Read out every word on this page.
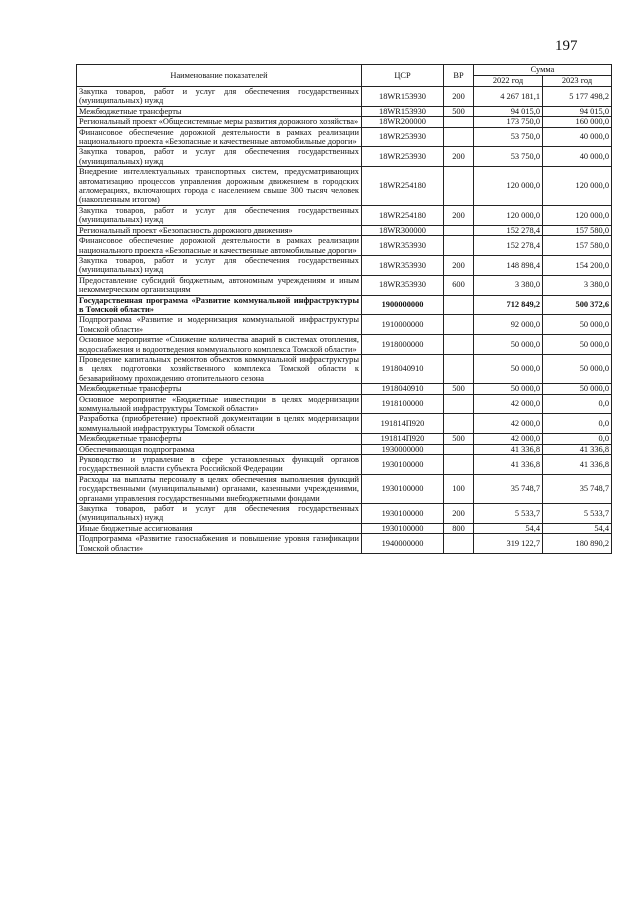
197
Наименование показателей	ЦСР	ВР	Сумма	
			2022 год	2023 год
Закупка товаров, работ и услуг для обеспечения государственных (муниципальных) нужд	18WR153930	200	4 267 181,1	5 177 498,2
Межбюджетные трансферты	18WR153930	500	94 015,0	94 015,0
Региональный проект «Общесистемные меры развития дорожного хозяйства»	18WR200000		173 750,0	160 000,0
Финансовое обеспечение дорожной деятельности в рамках реализации национального проекта «Безопасные и качественные автомобильные дороги»	18WR253930		53 750,0	40 000,0
Закупка товаров, работ и услуг для обеспечения государственных (муниципальных) нужд	18WR253930	200	53 750,0	40 000,0
Внедрение интеллектуальных транспортных систем, предусматривающих автоматизацию процессов управления дорожным движением в городских агломерациях, включающих города с населением свыше 300 тысяч человек (накопленным итогом)	18WR254180		120 000,0	120 000,0
Закупка товаров, работ и услуг для обеспечения государственных (муниципальных) нужд	18WR254180	200	120 000,0	120 000,0
Региональный проект «Безопасность дорожного движения»	18WR300000		152 278,4	157 580,0
Финансовое обеспечение дорожной деятельности в рамках реализации национального проекта «Безопасные и качественные автомобильные дороги»	18WR353930		152 278,4	157 580,0
Закупка товаров, работ и услуг для обеспечения государственных (муниципальных) нужд	18WR353930	200	148 898,4	154 200,0
Предоставление субсидий бюджетным, автономным учреждениям и иным некоммерческим организациям	18WR353930	600	3 380,0	3 380,0
Государственная программа «Развитие коммунальной инфраструктуры в Томской области»	1900000000		712 849,2	500 372,6
Подпрограмма «Развитие и модернизация коммунальной инфраструктуры Томской области»	1910000000		92 000,0	50 000,0
Основное мероприятие «Снижение количества аварий в системах отопления, водоснабжения и водоотведения коммунального комплекса Томской области»	1918000000		50 000,0	50 000,0
Проведение капитальных ремонтов объектов коммунальной инфраструктуры в целях подготовки хозяйственного комплекса Томской области к безаварийному прохождению отопительного сезона	1918040910		50 000,0	50 000,0
Межбюджетные трансферты	1918040910	500	50 000,0	50 000,0
Основное мероприятие «Бюджетные инвестиции в целях модернизации коммунальной инфраструктуры Томской области»	1918100000		42 000,0	0,0
Разработка (приобретение) проектной документации в целях модернизации коммунальной инфраструктуры Томской области	191814П920		42 000,0	0,0
Межбюджетные трансферты	191814П920	500	42 000,0	0,0
Обеспечивающая подпрограмма	1930000000		41 336,8	41 336,8
Руководство и управление в сфере установленных функций органов государственной власти субъекта Российской Федерации	1930100000		41 336,8	41 336,8
Расходы на выплаты персоналу в целях обеспечения выполнения функций государственными (муниципальными) органами, казенными учреждениями, органами управления государственными внебюджетными фондами	1930100000	100	35 748,7	35 748,7
Закупка товаров, работ и услуг для обеспечения государственных (муниципальных) нужд	1930100000	200	5 533,7	5 533,7
Иные бюджетные ассигнования	1930100000	800	54,4	54,4
Подпрограмма «Развитие газоснабжения и повышение уровня газификации Томской области»	1940000000		319 122,7	180 890,2
